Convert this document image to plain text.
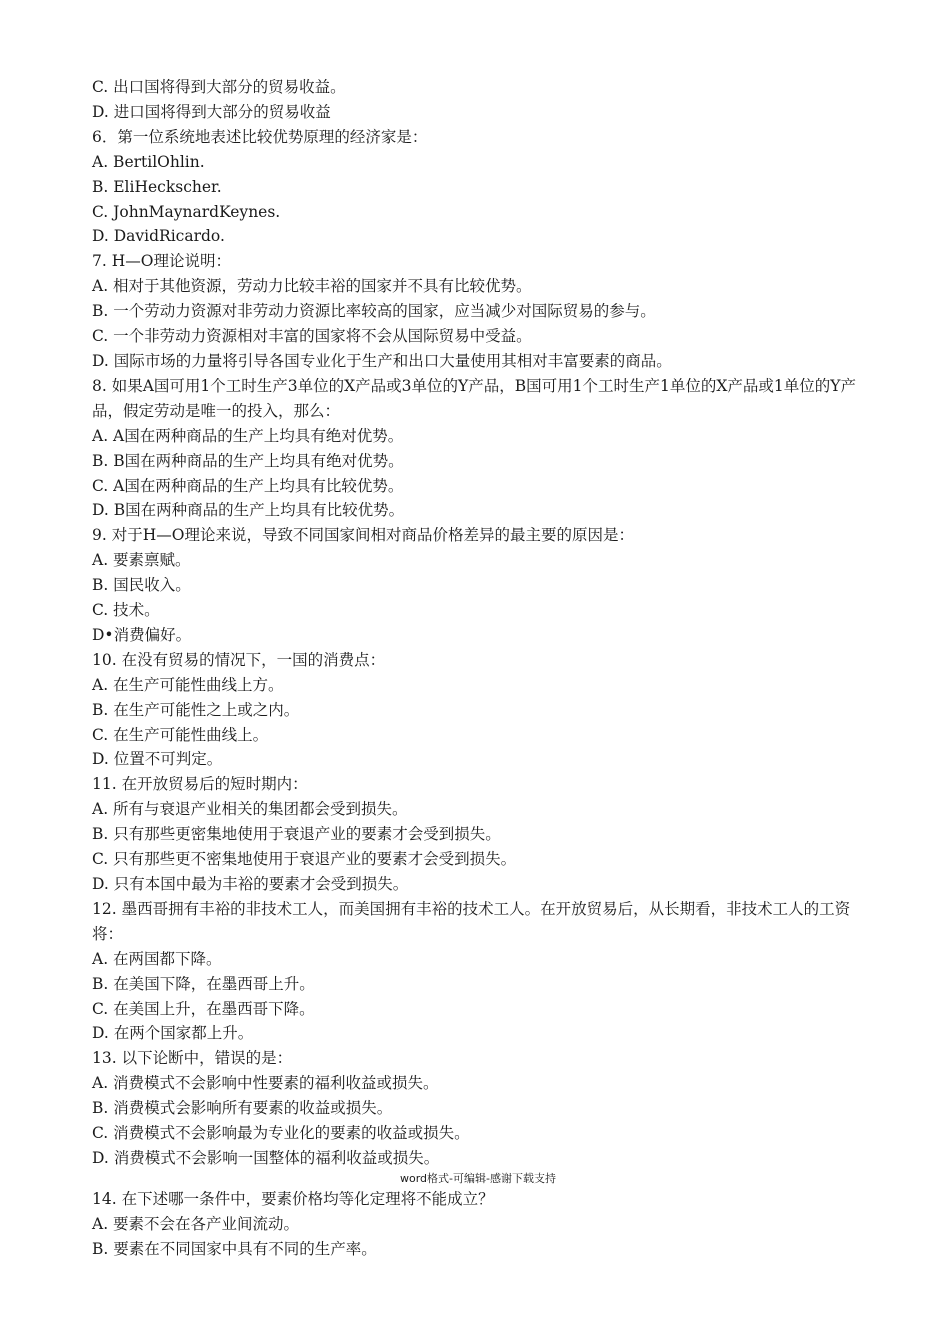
C. 出口国将得到大部分的贸易收益。
D. 进口国将得到大部分的贸易收益
6．第一位系统地表述比较优势原理的经济家是：
A. BertilOhlin.
B. EliHeckscher.
C. JohnMaynardKeynes.
D. DavidRicardo.
7. H—O理论说明：
A. 相对于其他资源，劳动力比较丰裕的国家并不具有比较优势。
B. 一个劳动力资源对非劳动力资源比率较高的国家，应当减少对国际贸易的参与。
C. 一个非劳动力资源相对丰富的国家将不会从国际贸易中受益。
D. 国际市场的力量将引导各国专业化于生产和出口大量使用其相对丰富要素的商品。
8. 如果A国可用1个工时生产3单位的X产品或3单位的Y产品，B国可用1个工时生产1单位的X产品或1单位的Y产品，假定劳动是唯一的投入，那么：
A. A国在两种商品的生产上均具有绝对优势。
B. B国在两种商品的生产上均具有绝对优势。
C. A国在两种商品的生产上均具有比较优势。
D. B国在两种商品的生产上均具有比较优势。
9. 对于H—O理论来说，导致不同国家间相对商品价格差异的最主要的原因是：
A. 要素禀赋。
B. 国民收入。
C. 技术。
D•消费偏好。
10. 在没有贸易的情况下，一国的消费点：
A. 在生产可能性曲线上方。
B. 在生产可能性之上或之内。
C. 在生产可能性曲线上。
D. 位置不可判定。
11. 在开放贸易后的短时期内：
A. 所有与衰退产业相关的集团都会受到损失。
B. 只有那些更密集地使用于衰退产业的要素才会受到损失。
C. 只有那些更不密集地使用于衰退产业的要素才会受到损失。
D. 只有本国中最为丰裕的要素才会受到损失。
12. 墨西哥拥有丰裕的非技术工人，而美国拥有丰裕的技术工人。在开放贸易后，从长期看，非技术工人的工资将：
A. 在两国都下降。
B. 在美国下降，在墨西哥上升。
C. 在美国上升，在墨西哥下降。
D. 在两个国家都上升。
13. 以下论断中，错误的是：
A. 消费模式不会影响中性要素的福利收益或损失。
B. 消费模式会影响所有要素的收益或损失。
C. 消费模式不会影响最为专业化的要素的收益或损失。
D. 消费模式不会影响一国整体的福利收益或损失。
word格式-可编辑-感谢下载支持
14. 在下述哪一条件中，要素价格均等化定理将不能成立？
A. 要素不会在各产业间流动。
B. 要素在不同国家中具有不同的生产率。
